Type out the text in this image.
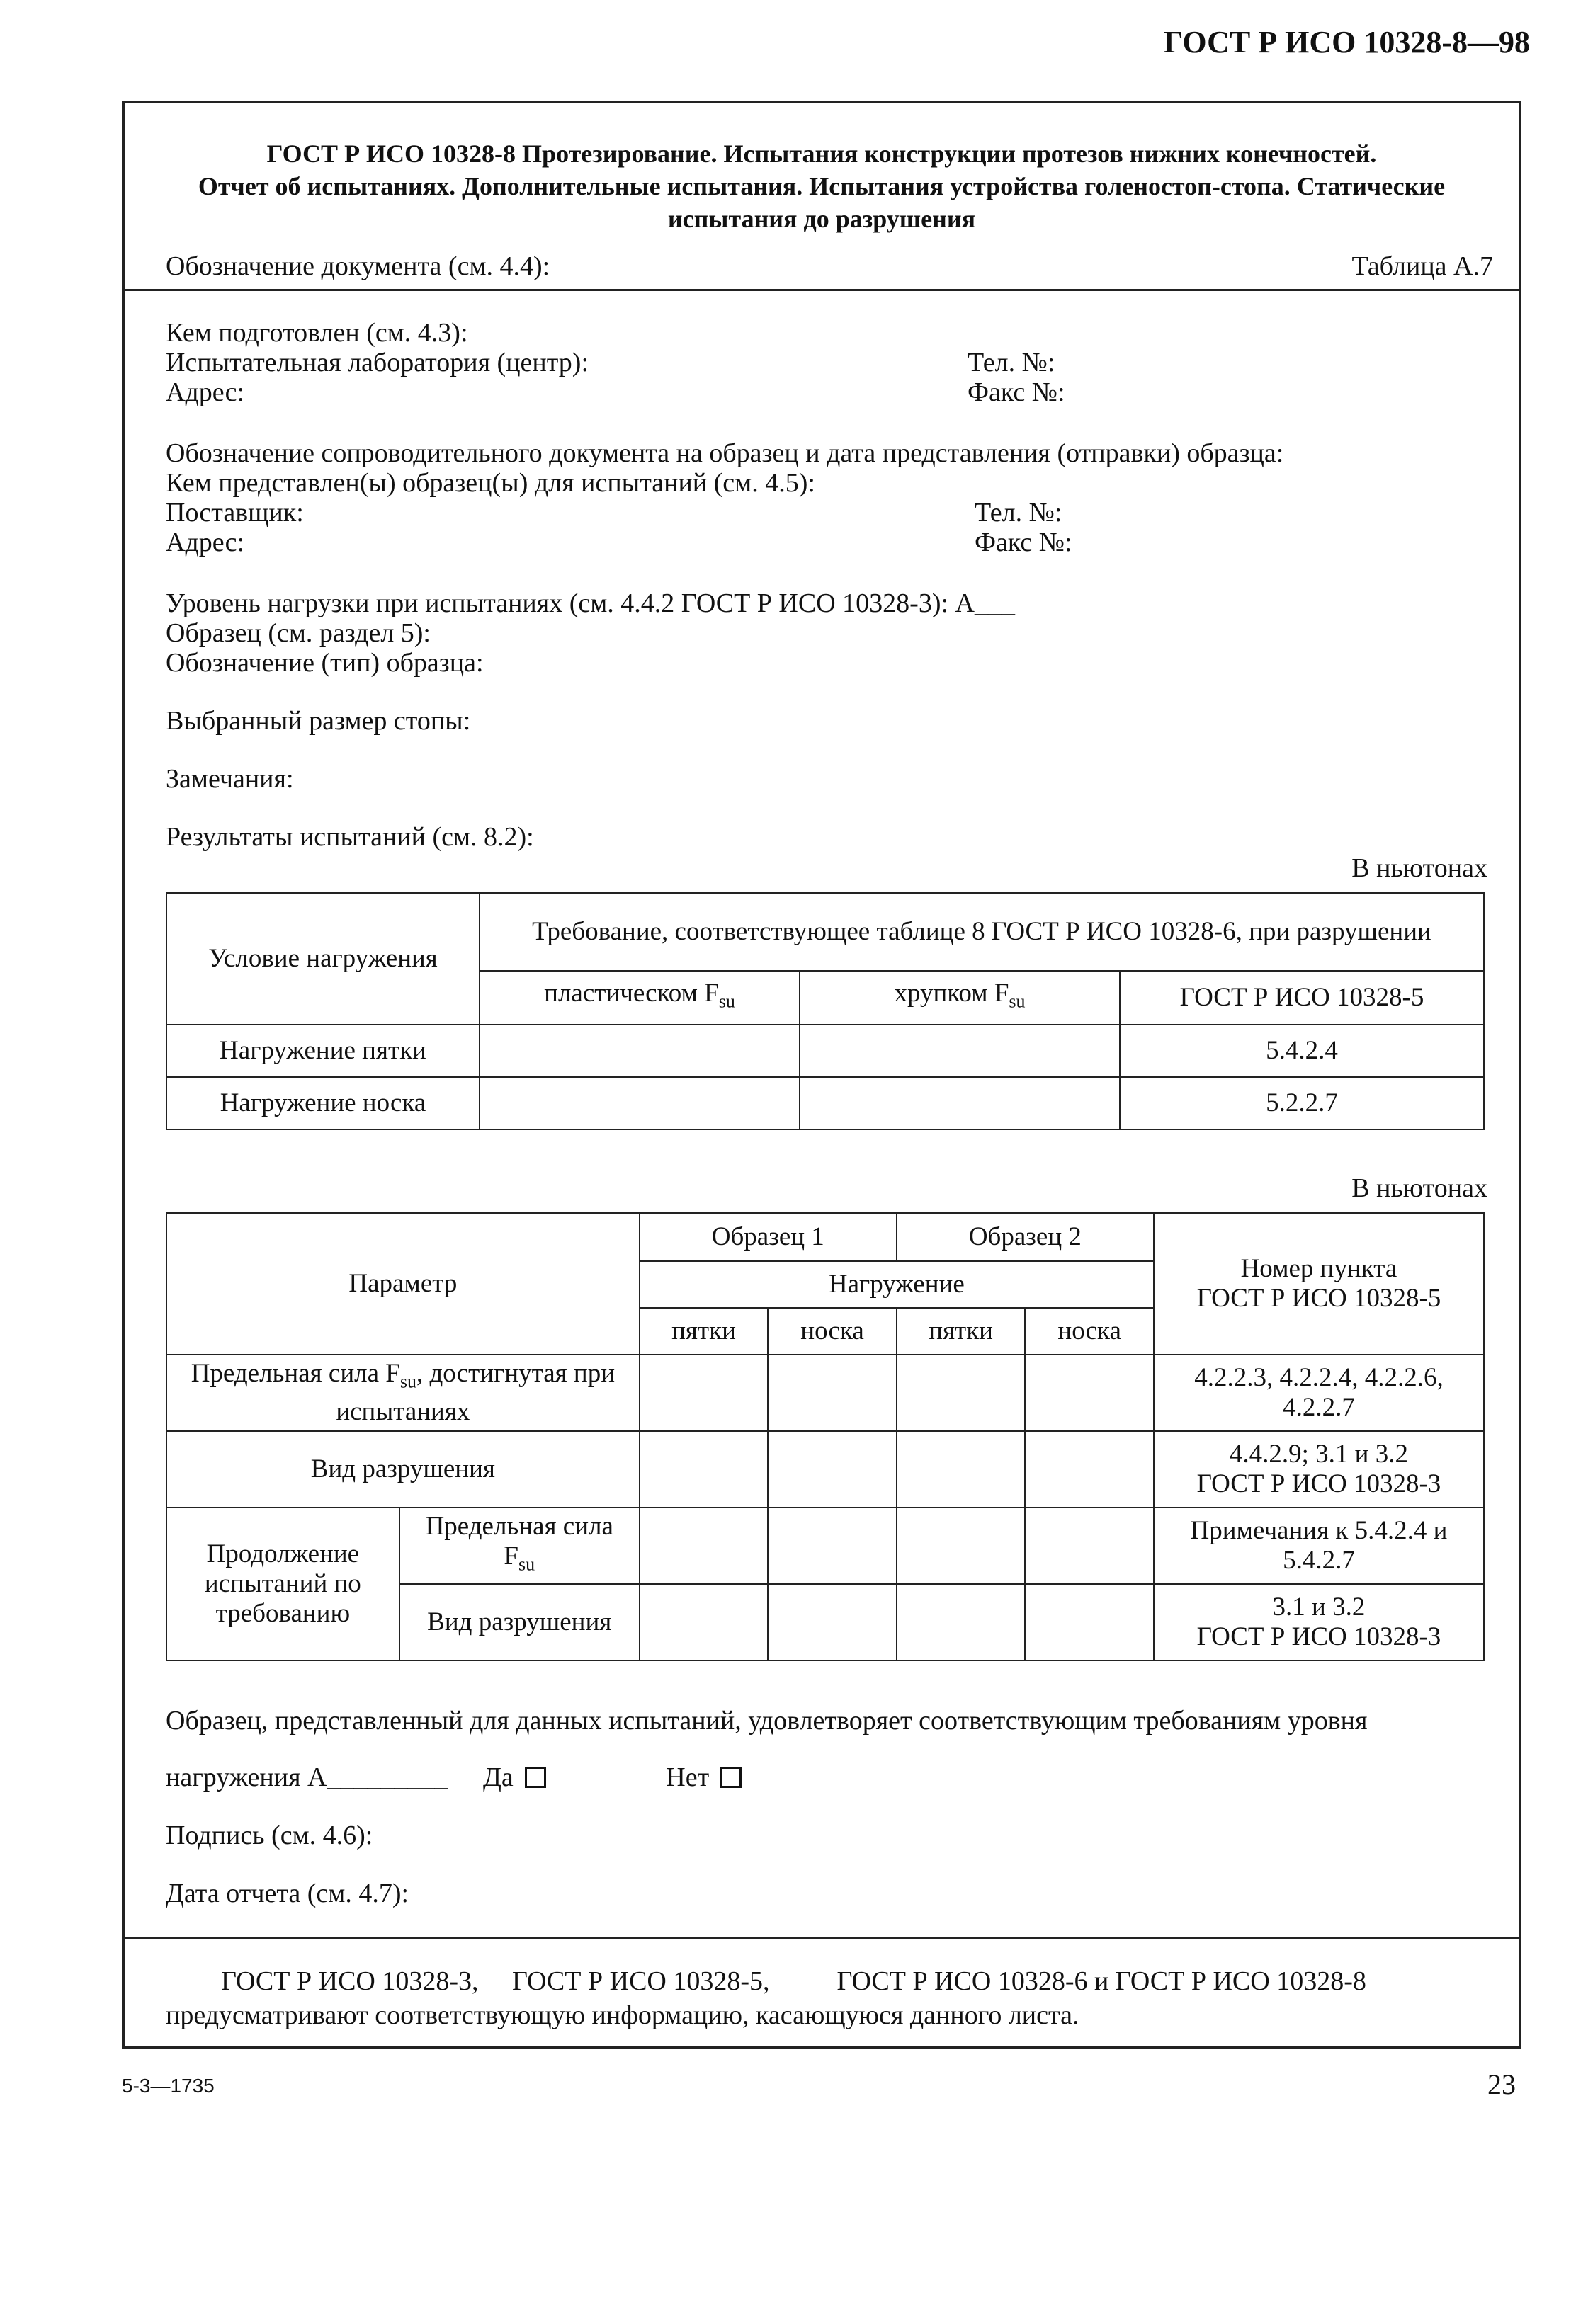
ГОСТ Р ИСО 10328-8—98
ГОСТ Р ИСО 10328-8 Протезирование. Испытания конструкции протезов нижних конечностей.
Отчет об испытаниях. Дополнительные испытания. Испытания устройства голеностоп-стопа. Статические
испытания до разрушения
Обозначение документа (см. 4.4):	Таблица А.7
Кем подготовлен (см. 4.3):
Испытательная лаборатория (центр):
Адрес:
Тел. №:
Факс №:
Обозначение сопроводительного документа на образец и дата представления (отправки) образца:
Кем представлен(ы) образец(ы) для испытаний (см. 4.5):
Поставщик:
Адрес:
Тел. №:
Факс №:
Уровень нагрузки при испытаниях (см. 4.4.2 ГОСТ Р ИСО 10328-3): А___
Образец (см. раздел 5):
Обозначение (тип) образца:
Выбранный размер стопы:
Замечания:
Результаты испытаний (см. 8.2):
В ньютонах
Условие нагружения	Требование, соответствующее таблице 8 ГОСТ Р ИСО 10328-6, при разрушении		
	пластическом $F_{su}$	хрупком $F_{su}$	ГОСТ Р ИСО 10328-5
Нагружение пятки			5.4.2.4
Нагружение носка			5.2.2.7
В ньютонах
Параметр		Образец 1		Образец 2		Номер пункта
ГОСТ Р ИСО 10328-5

		Нагружение				
		пятки	носка	пятки	носка	
Предельная сила $F_{su}$, достигнутая при испытаниях						4.2.2.3, 4.2.2.4, 4.2.2.6, 4.2.2.7
Вид разрушения						4.4.2.9; 3.1 и 3.2
ГОСТ Р ИСО 10328-3

Продолжение испытаний по требованию	Предельная сила $F_{su}$					Примечания к 5.4.2.4 и 5.4.2.7
	Вид разрушения					3.1 и 3.2
ГОСТ Р ИСО 10328-3
Образец, представленный для данных испытаний, удовлетворяет соответствующим требованиям уровня
нагружения А_________ Да	Нет
Подпись (см. 4.6):
Дата отчета (см. 4.7):
ГОСТ Р ИСО 10328-3,     ГОСТ Р ИСО 10328-5,          ГОСТ Р ИСО 10328-6 и ГОСТ Р ИСО 10328-8
предусматривают соответствующую информацию, касающуюся данного листа.
5-3—1735	23
